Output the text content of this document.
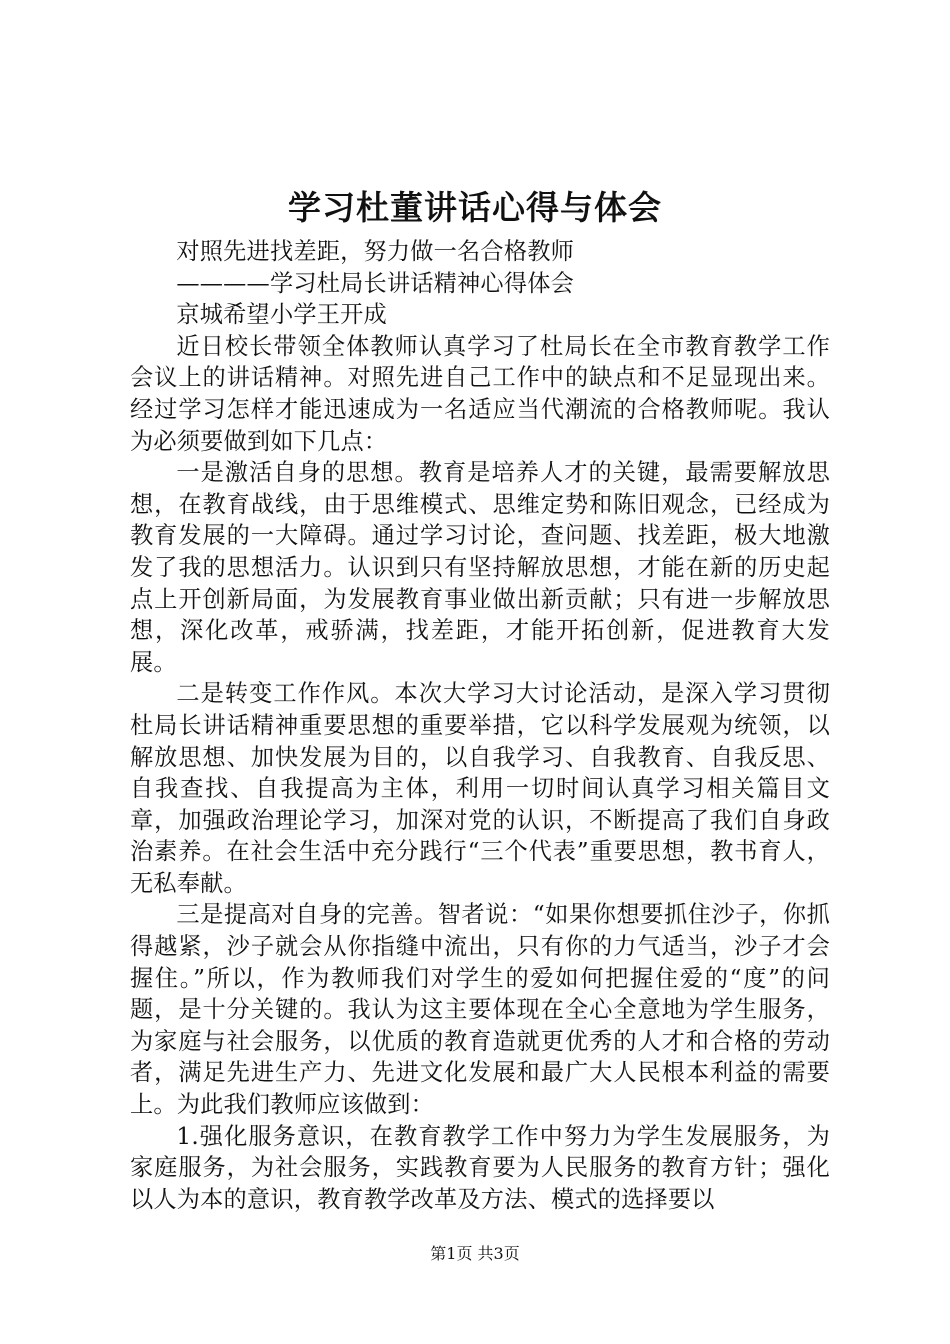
学习杜董讲话心得与体会

对照先进找差距，努力做一名合格教师

————学习杜局长讲话精神心得体会

京城希望小学王开成

近日校长带领全体教师认真学习了杜局长在全市教育教学工作会议上的讲话精神。对照先进自己工作中的缺点和不足显现出来。经过学习怎样才能迅速成为一名适应当代潮流的合格教师呢。我认为必须要做到如下几点：

一是激活自身的思想。教育是培养人才的关键，最需要解放思想，在教育战线，由于思维模式、思维定势和陈旧观念，已经成为教育发展的一大障碍。通过学习讨论，查问题、找差距，极大地激发了我的思想活力。认识到只有坚持解放思想，才能在新的历史起点上开创新局面，为发展教育事业做出新贡献；只有进一步解放思想，深化改革，戒骄满，找差距，才能开拓创新，促进教育大发展。

二是转变工作作风。本次大学习大讨论活动，是深入学习贯彻杜局长讲话精神重要思想的重要举措，它以科学发展观为统领，以解放思想、加快发展为目的，以自我学习、自我教育、自我反思、自我查找、自我提高为主体，利用一切时间认真学习相关篇目文章，加强政治理论学习，加深对党的认识，不断提高了我们自身政治素养。在社会生活中充分践行“三个代表”重要思想，教书育人，无私奉献。

三是提高对自身的完善。智者说：“如果你想要抓住沙子，你抓得越紧，沙子就会从你指缝中流出，只有你的力气适当，沙子才会握住。”所以，作为教师我们对学生的爱如何把握住爱的“度”的问题，是十分关键的。我认为这主要体现在全心全意地为学生服务，为家庭与社会服务，以优质的教育造就更优秀的人才和合格的劳动者，满足先进生产力、先进文化发展和最广大人民根本利益的需要上。为此我们教师应该做到：

1.强化服务意识，在教育教学工作中努力为学生发展服务，为家庭服务，为社会服务，实践教育要为人民服务的教育方针；强化以人为本的意识，教育教学改革及方法、模式的选择要以

第1页 共3页
